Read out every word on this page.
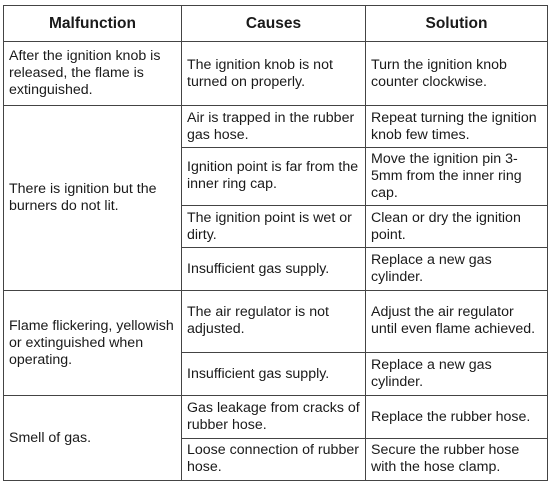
Malfunction	Causes	Solution
After the ignition knob is released, the flame is extinguished.	The ignition knob is not turned on properly.	Turn the ignition knob counter clockwise.
There is ignition but the burners do not lit.	Air is trapped in the rubber gas hose.	Repeat turning the ignition knob few times.
	Ignition point is far from the inner ring cap.	Move the ignition pin 3-5mm from the inner ring cap.
	The ignition point is wet or dirty.	Clean or dry the ignition point.
	Insufficient gas supply.	Replace a new gas cylinder.
Flame flickering, yellowish or extinguished when operating.	The air regulator is not adjusted.	Adjust the air regulator until even flame achieved.
	Insufficient gas supply.	Replace a new gas cylinder.
Smell of gas.	Gas leakage from cracks of rubber hose.	Replace the rubber hose.
	Loose connection of rubber hose.	Secure the rubber hose with the hose clamp.
